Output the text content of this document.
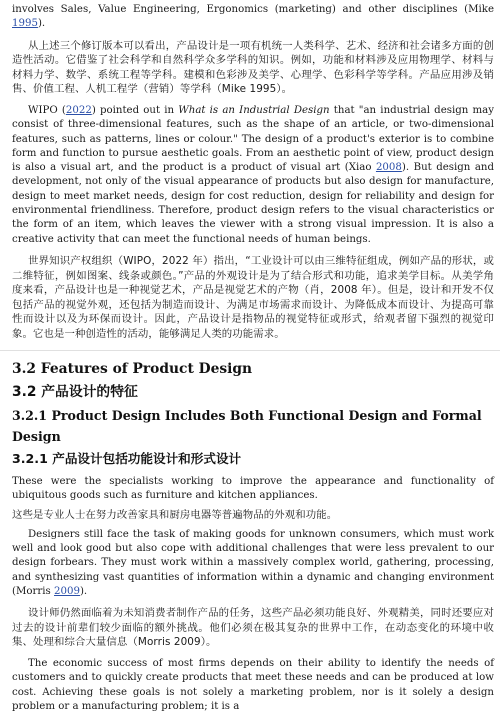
involves Sales, Value Engineering, Ergonomics (marketing) and other disciplines (Mike 1995).

从上述三个修订版本可以看出，产品设计是一项有机统一人类科学、艺术、经济和社会诸多方面的创造性活动。它借鉴了社会科学和自然科学众多学科的知识。例如，功能和材料涉及应用物理学、材料与材料力学、数学、系统工程等学科。建模和色彩涉及美学、心理学、色彩科学等学科。产品应用涉及销售、价值工程、人机工程学（营销）等学科（Mike 1995）。

WIPO (2022) pointed out in What is an Industrial Design that "an industrial design may consist of three-dimensional features, such as the shape of an article, or two-dimensional features, such as patterns, lines or colour." The design of a product's exterior is to combine form and function to pursue aesthetic goals. From an aesthetic point of view, product design is also a visual art, and the product is a product of visual art (Xiao 2008). But design and development, not only of the visual appearance of products but also design for manufacture, design to meet market needs, design for cost reduction, design for reliability and design for environmental friendliness. Therefore, product design refers to the visual characteristics or the form of an item, which leaves the viewer with a strong visual impression. It is also a creative activity that can meet the functional needs of human beings.

世界知识产权组织（WIPO，2022 年）指出，“工业设计可以由三维特征组成，例如产品的形状，或二维特征，例如图案、线条或颜色。”产品的外观设计是为了结合形式和功能，追求美学目标。从美学角度来看，产品设计也是一种视觉艺术，产品是视觉艺术的产物（肖，2008 年）。但是，设计和开发不仅包括产品的视觉外观，还包括为制造而设计、为满足市场需求而设计、为降低成本而设计、为提高可靠性而设计以及为环保而设计。因此，产品设计是指物品的视觉特征或形式，给观者留下强烈的视觉印象。它也是一种创造性的活动，能够满足人类的功能需求。

3.2 Features of Product Design
3.2 产品设计的特征
3.2.1 Product Design Includes Both Functional Design and Formal Design
3.2.1 产品设计包括功能设计和形式设计

These were the specialists working to improve the appearance and functionality of ubiquitous goods such as furniture and kitchen appliances.

这些是专业人士在努力改善家具和厨房电器等普遍物品的外观和功能。

Designers still face the task of making goods for unknown consumers, which must work well and look good but also cope with additional challenges that were less prevalent to our design forbears. They must work within a massively complex world, gathering, processing, and synthesizing vast quantities of information within a dynamic and changing environment (Morris 2009).

设计师仍然面临着为未知消费者制作产品的任务，这些产品必须功能良好、外观精美，同时还要应对过去的设计前辈们较少面临的额外挑战。他们必须在极其复杂的世界中工作，在动态变化的环境中收集、处理和综合大量信息（Morris 2009）。

The economic success of most firms depends on their ability to identify the needs of customers and to quickly create products that meet these needs and can be produced at low cost. Achieving these goals is not solely a marketing problem, nor is it solely a design problem or a manufacturing problem; it is a
